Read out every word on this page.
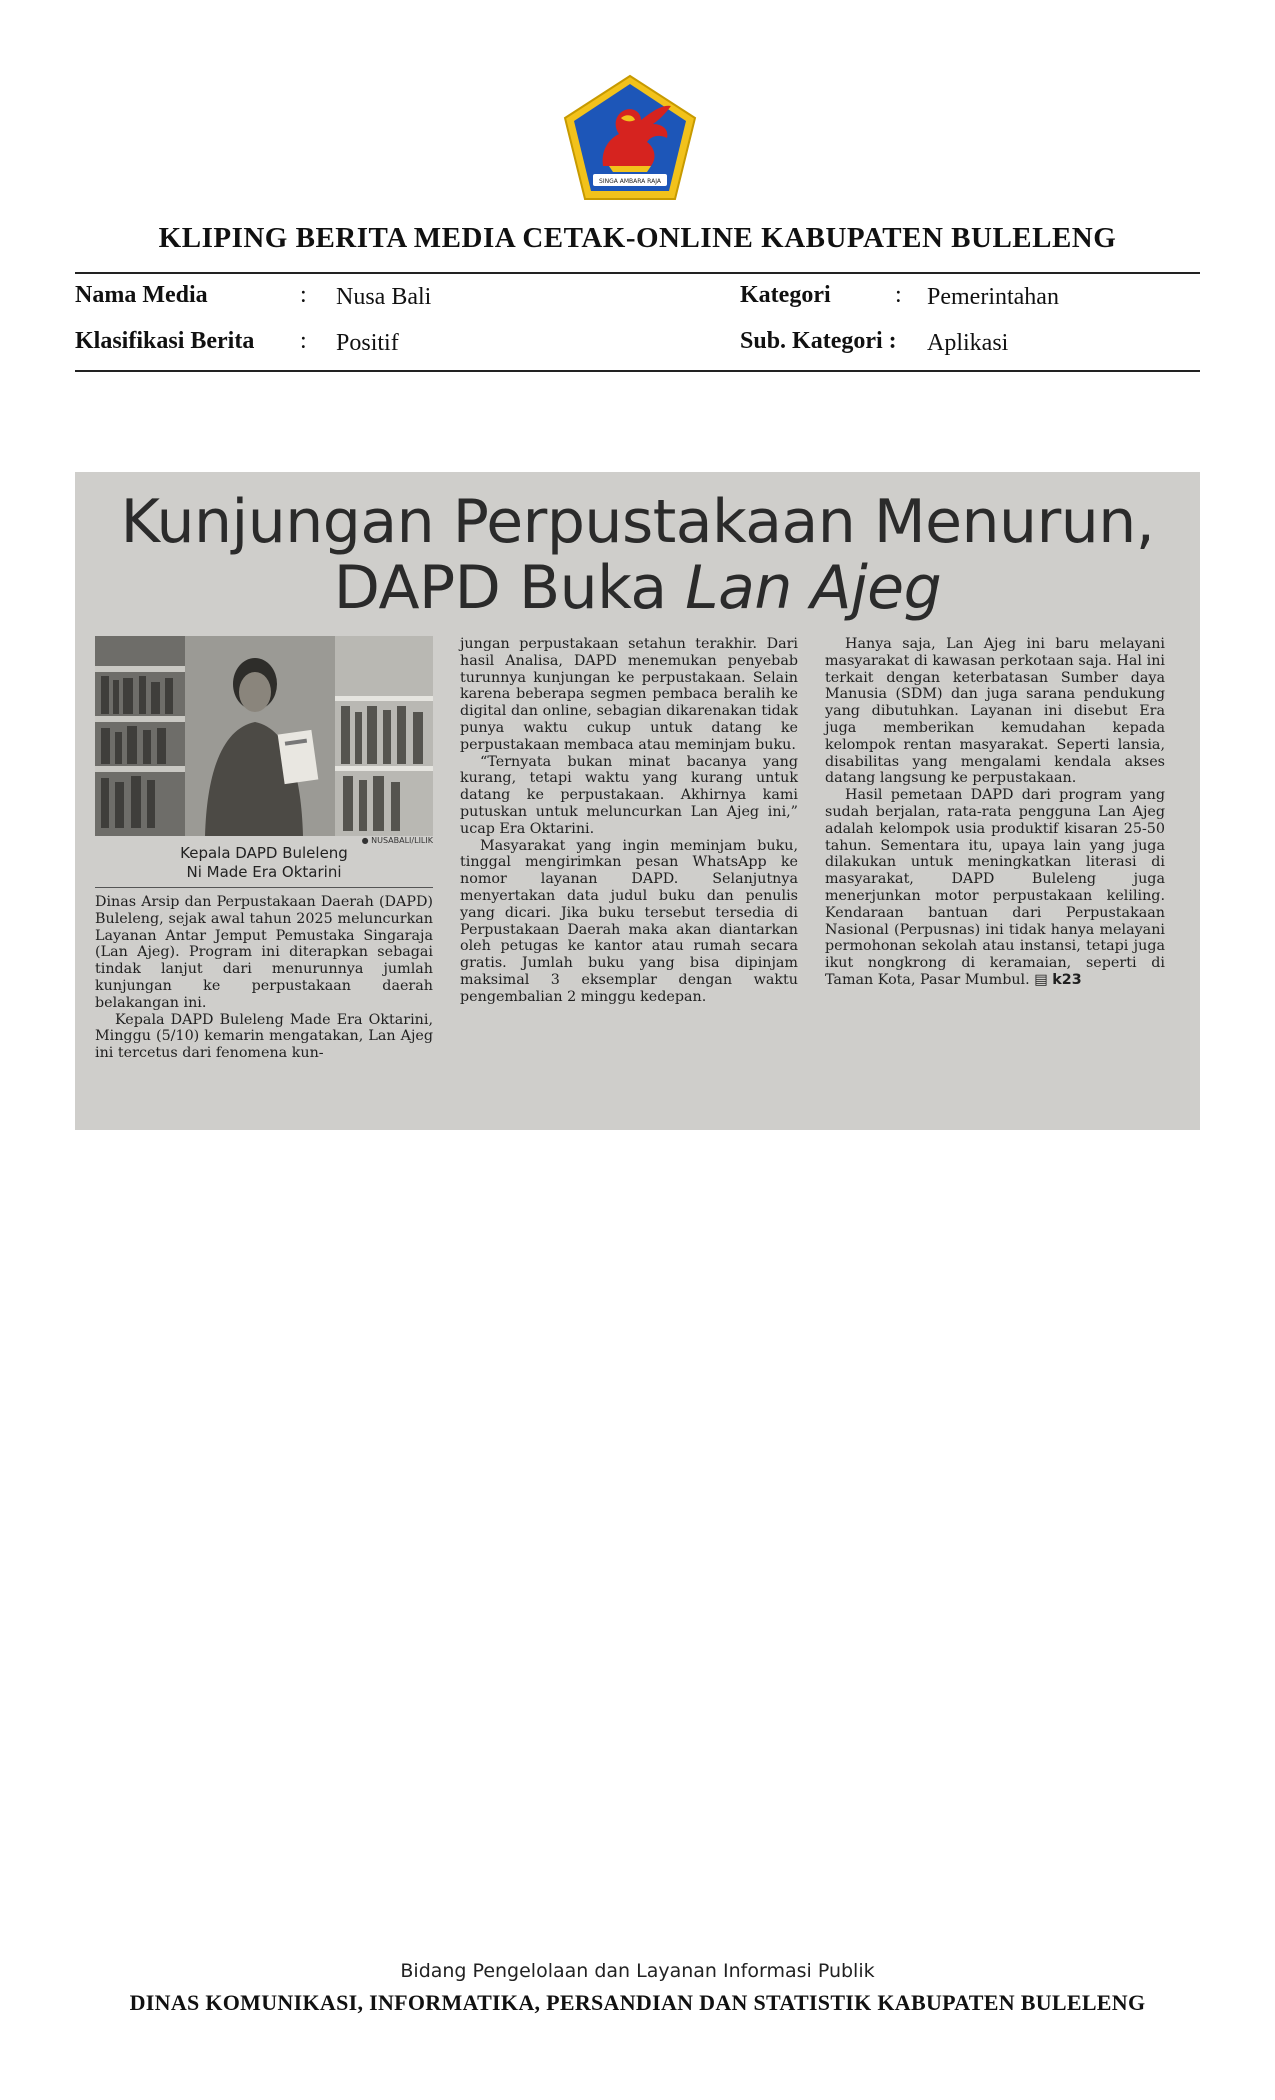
SINGA AMBARA RAJA
KLIPING BERITA MEDIA CETAK-ONLINE KABUPATEN BULELENG
Nama Media	: Nusa Bali
Klasifikasi Berita : Positif
Kategori	: Pemerintahan
Sub. Kategori : Aplikasi
Kunjungan Perpustakaan Menurun,
DAPD Buka Lan Ajeg
● NUSABALI/LILIK
Kepala DAPD Buleleng
Ni Made Era Oktarini

Dinas Arsip dan Perpustakaan Daerah (DAPD) Buleleng, sejak awal tahun 2025 meluncurkan Layanan Antar Jemput Pemustaka Singaraja (Lan Ajeg). Program ini diterapkan sebagai tindak lanjut dari menurunnya jumlah kunjungan ke perpustakaan daerah belakangan ini.

Kepala DAPD Buleleng Made Era Oktarini, Minggu (5/10) kemarin mengatakan, Lan Ajeg ini tercetus dari fenomena kun-

jungan perpustakaan setahun terakhir. Dari hasil Analisa, DAPD menemukan penyebab turunnya kunjungan ke perpustakaan. Selain karena beberapa segmen pembaca beralih ke digital dan online, sebagian dikarenakan tidak punya waktu cukup untuk datang ke perpustakaan membaca atau meminjam buku.

“Ternyata bukan minat bacanya yang kurang, tetapi waktu yang kurang untuk datang ke perpustakaan. Akhirnya kami putuskan untuk meluncurkan Lan Ajeg ini,” ucap Era Oktarini.

Masyarakat yang ingin meminjam buku, tinggal mengirimkan pesan WhatsApp ke nomor layanan DAPD. Selanjutnya menyertakan data judul buku dan penulis yang dicari. Jika buku tersebut tersedia di Perpustakaan Daerah maka akan diantarkan oleh petugas ke kantor atau rumah secara gratis. Jumlah buku yang bisa dipinjam maksimal 3 eksemplar dengan waktu pengembalian 2 minggu kedepan.

Hanya saja, Lan Ajeg ini baru melayani masyarakat di kawasan perkotaan saja. Hal ini terkait dengan keterbatasan Sumber daya Manusia (SDM) dan juga sarana pendukung yang dibutuhkan. Layanan ini disebut Era juga memberikan kemudahan kepada kelompok rentan masyarakat. Seperti lansia, disabilitas yang mengalami kendala akses datang langsung ke perpustakaan.

Hasil pemetaan DAPD dari program yang sudah berjalan, rata-rata pengguna Lan Ajeg adalah kelompok usia produktif kisaran 25-50 tahun. Sementara itu, upaya lain yang juga dilakukan untuk meningkatkan literasi di masyarakat, DAPD Buleleng juga menerjunkan motor perpustakaan keliling. Kendaraan bantuan dari Perpustakaan Nasional (Perpusnas) ini tidak hanya melayani permohonan sekolah atau instansi, tetapi juga ikut nongkrong di keramaian, seperti di Taman Kota, Pasar Mumbul. ▤ k23

Bidang Pengelolaan dan Layanan Informasi Publik
DINAS KOMUNIKASI, INFORMATIKA, PERSANDIAN DAN STATISTIK KABUPATEN BULELENG
